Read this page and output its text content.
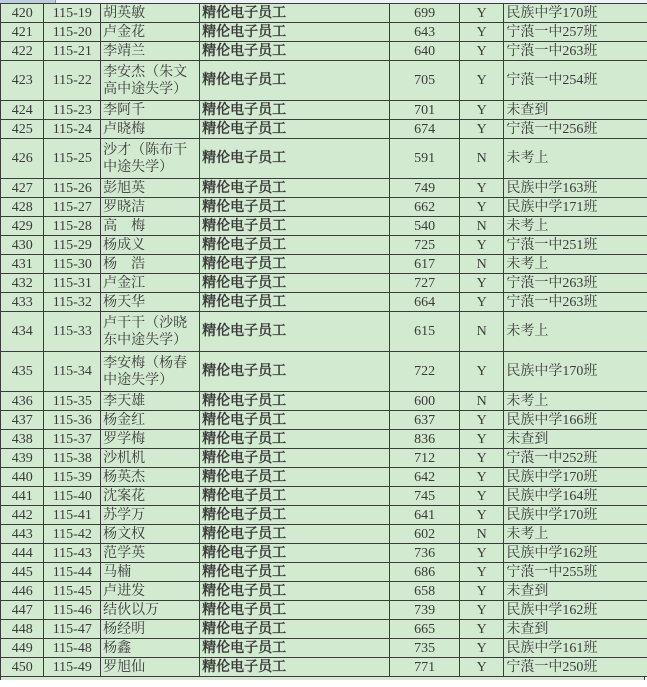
420	115-19	胡英敏	精伦电子员工	699	Y	民族中学170班
421	115-20	卢金花	精伦电子员工	643	Y	宁蒗一中257班
422	115-21	李靖兰	精伦电子员工	640	Y	宁蒗一中263班
423	115-22	李安杰（朱文高中途失学）	精伦电子员工	705	Y	宁蒗一中254班
424	115-23	李阿千	精伦电子员工	701	Y	未查到
425	115-24	卢晓梅	精伦电子员工	674	Y	宁蒗一中256班
426	115-25	沙才（陈布干中途失学）	精伦电子员工	591	N	未考上
427	115-26	彭旭英	精伦电子员工	749	Y	民族中学163班
428	115-27	罗晓洁	精伦电子员工	662	Y	民族中学171班
429	115-28	高　梅	精伦电子员工	540	N	未考上
430	115-29	杨成义	精伦电子员工	725	Y	宁蒗一中251班
431	115-30	杨　浩	精伦电子员工	617	N	未考上
432	115-31	卢金江	精伦电子员工	727	Y	宁蒗一中263班
433	115-32	杨天华	精伦电子员工	664	Y	宁蒗一中263班
434	115-33	卢干干（沙晓东中途失学）	精伦电子员工	615	N	未考上
435	115-34	李安梅（杨春中途失学）	精伦电子员工	722	Y	民族中学170班
436	115-35	李天雄	精伦电子员工	600	N	未考上
437	115-36	杨金红	精伦电子员工	637	Y	民族中学166班
438	115-37	罗学梅	精伦电子员工	836	Y	未查到
439	115-38	沙机机	精伦电子员工	712	Y	宁蒗一中252班
440	115-39	杨英杰	精伦电子员工	642	Y	民族中学170班
441	115-40	沈案花	精伦电子员工	745	Y	民族中学164班
442	115-41	苏学万	精伦电子员工	641	Y	民族中学170班
443	115-42	杨文权	精伦电子员工	602	N	未考上
444	115-43	范学英	精伦电子员工	736	Y	民族中学162班
445	115-44	马楠	精伦电子员工	686	Y	宁蒗一中255班
446	115-45	卢进发	精伦电子员工	658	Y	未查到
447	115-46	结伙以万	精伦电子员工	739	Y	民族中学162班
448	115-47	杨经明	精伦电子员工	665	Y	未查到
449	115-48	杨鑫	精伦电子员工	735	Y	民族中学161班
450	115-49	罗旭仙	精伦电子员工	771	Y	宁蒗一中250班
